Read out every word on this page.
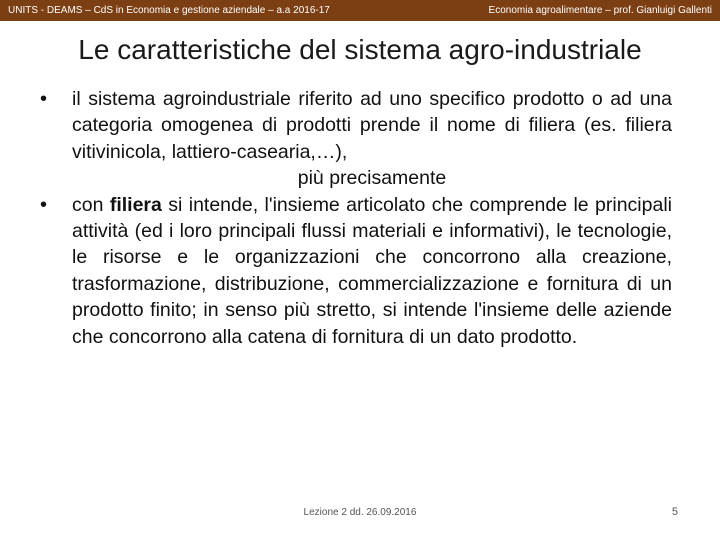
UNITS - DEAMS – CdS in Economia e gestione aziendale – a.a 2016-17	Economia agroalimentare – prof. Gianluigi Gallenti
Le caratteristiche del sistema agro-industriale
• il sistema agroindustriale riferito ad uno specifico prodotto o ad una categoria omogenea di prodotti prende il nome di filiera (es. filiera vitivinicola, lattiero-casearia,…),
più precisamente
• con filiera si intende, l'insieme articolato che comprende le principali attività (ed i loro principali flussi materiali e informativi), le tecnologie, le risorse e le organizzazioni che concorrono alla creazione, trasformazione, distribuzione, commercializzazione e fornitura di un prodotto finito; in senso più stretto, si intende l'insieme delle aziende che concorrono alla catena di fornitura di un dato prodotto.
Lezione 2 dd. 26.09.2016	5
